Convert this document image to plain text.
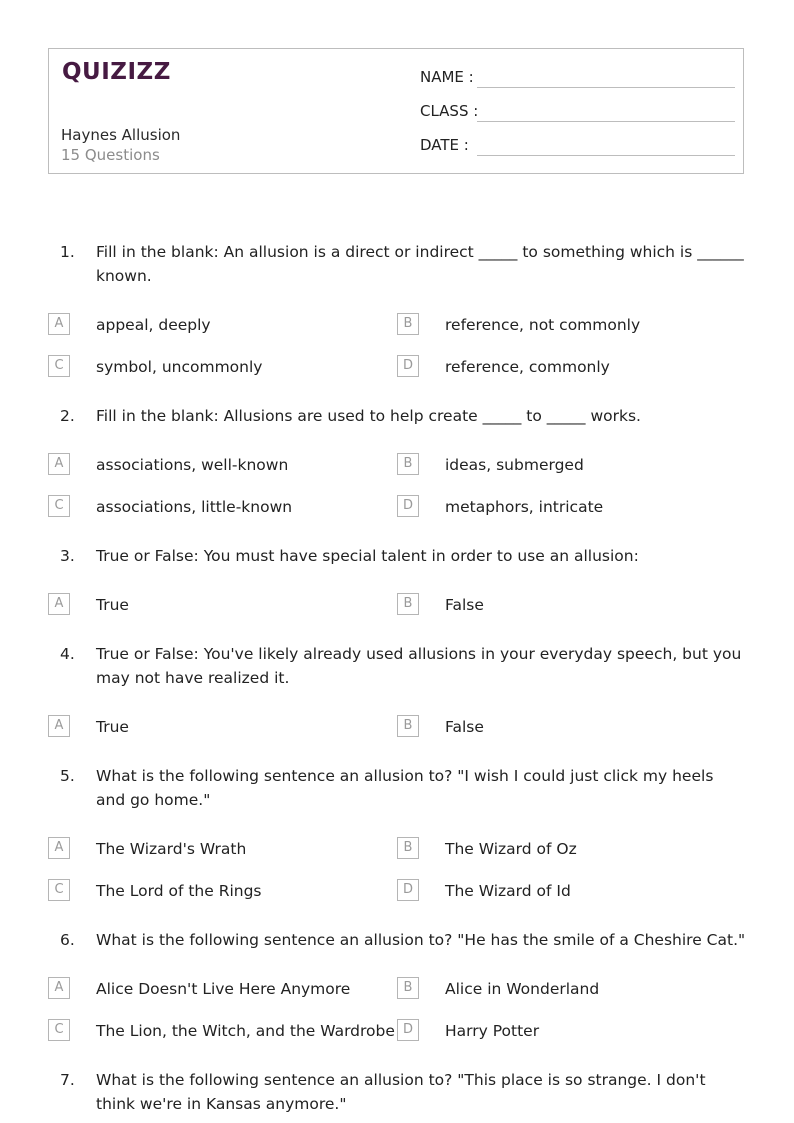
QUIZIZZ
Haynes Allusion
15 Questions
NAME :
CLASS :
DATE :
1. Fill in the blank: An allusion is a direct or indirect _____ to something which is ______ known.
A	appeal, deeply	B	reference, not commonly
C	symbol, uncommonly	D	reference, commonly
2. Fill in the blank: Allusions are used to help create _____ to _____ works.
A	associations, well-known	B	ideas, submerged
C	associations, little-known	D	metaphors, intricate
3. True or False: You must have special talent in order to use an allusion:
A	True	B	False
4. True or False: You've likely already used allusions in your everyday speech, but you may not have realized it.
A	True	B	False
5. What is the following sentence an allusion to? "I wish I could just click my heels and go home."
A	The Wizard's Wrath	B	The Wizard of Oz
C	The Lord of the Rings	D	The Wizard of Id
6. What is the following sentence an allusion to? "He has the smile of a Cheshire Cat."
A	Alice Doesn't Live Here Anymore	B	Alice in Wonderland
C	The Lion, the Witch, and the Wardrobe D	Harry Potter
7. What is the following sentence an allusion to? "This place is so strange. I don't think we're in Kansas anymore."
